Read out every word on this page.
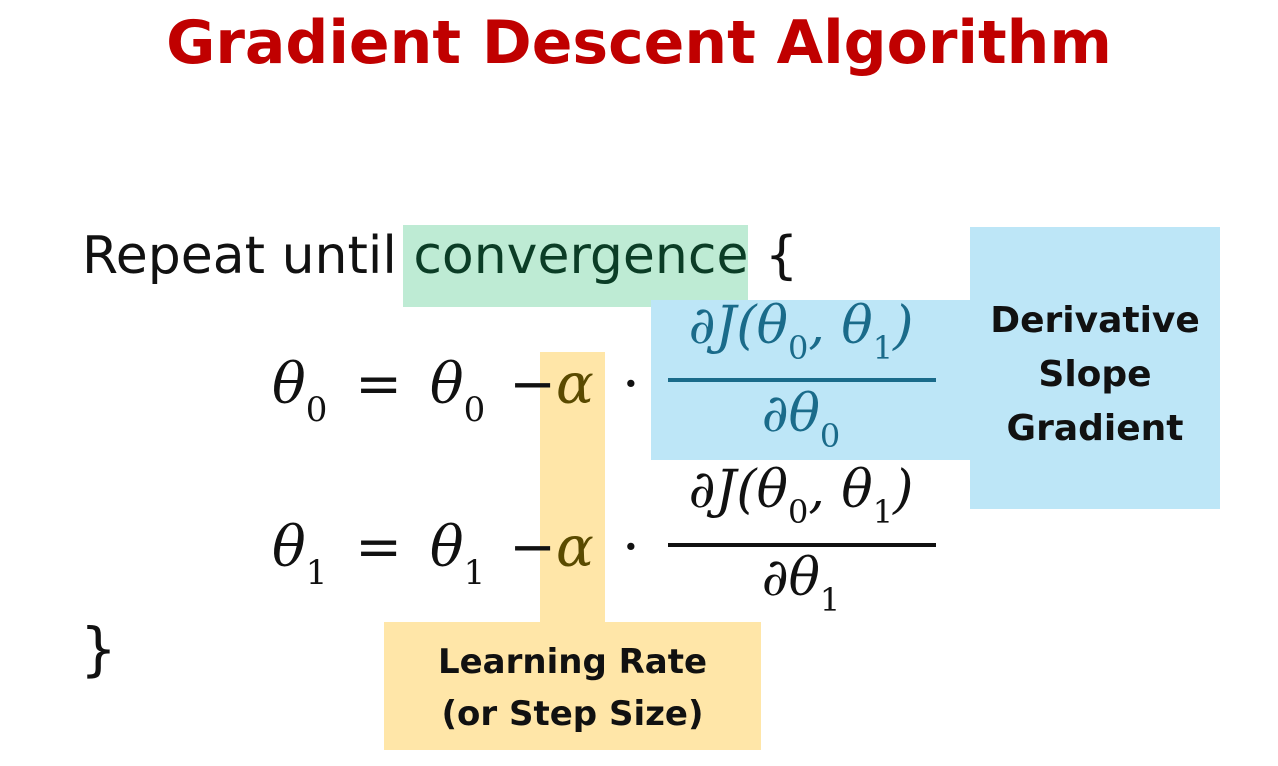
Gradient Descent Algorithm
Repeat until convergence {
$\theta_0 = \theta_0 - \alpha$ ·
$\partial J(\theta_0$, $\theta_1$)
$\partial\theta_0$
$\theta_1 = \theta_1 - \alpha$ ·
$\partial J(\theta_0$, $\theta_1$)
$\partial\theta_1$
}
Derivative
Slope
Gradient
Learning Rate
(or Step Size)
